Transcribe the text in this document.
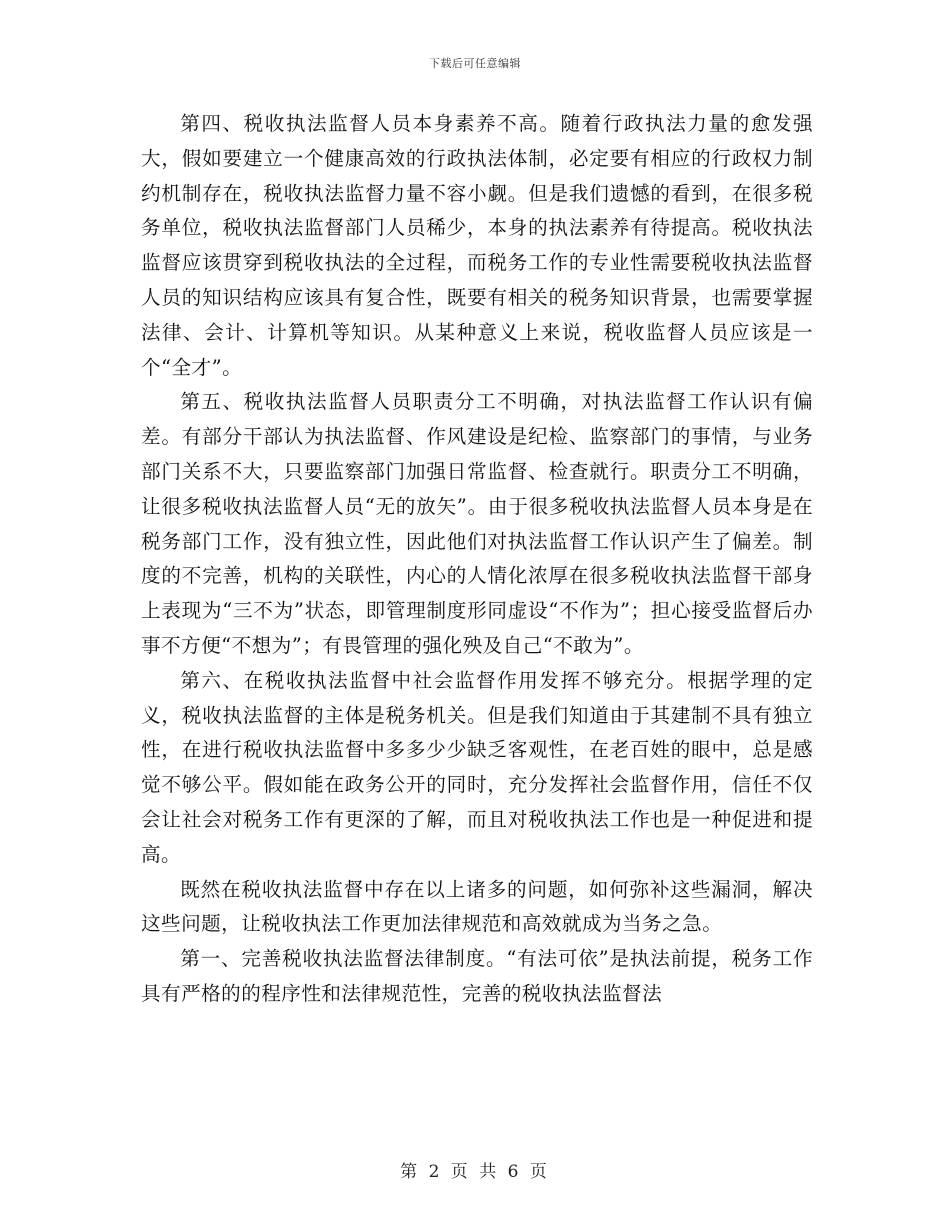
下载后可任意编辑

第四、税收执法监督人员本身素养不高。随着行政执法力量的愈发强大，假如要建立一个健康高效的行政执法体制，必定要有相应的行政权力制约机制存在，税收执法监督力量不容小觑。但是我们遗憾的看到，在很多税务单位，税收执法监督部门人员稀少，本身的执法素养有待提高。税收执法监督应该贯穿到税收执法的全过程，而税务工作的专业性需要税收执法监督人员的知识结构应该具有复合性，既要有相关的税务知识背景，也需要掌握法律、会计、计算机等知识。从某种意义上来说，税收监督人员应该是一个“全才”。

第五、税收执法监督人员职责分工不明确，对执法监督工作认识有偏差。有部分干部认为执法监督、作风建设是纪检、监察部门的事情，与业务部门关系不大，只要监察部门加强日常监督、检查就行。职责分工不明确，让很多税收执法监督人员“无的放矢”。由于很多税收执法监督人员本身是在税务部门工作，没有独立性，因此他们对执法监督工作认识产生了偏差。制度的不完善，机构的关联性，内心的人情化浓厚在很多税收执法监督干部身上表现为“三不为”状态，即管理制度形同虚设“不作为”；担心接受监督后办事不方便“不想为”；有畏管理的强化殃及自己“不敢为”。

第六、在税收执法监督中社会监督作用发挥不够充分。根据学理的定义，税收执法监督的主体是税务机关。但是我们知道由于其建制不具有独立性，在进行税收执法监督中多多少少缺乏客观性，在老百姓的眼中，总是感觉不够公平。假如能在政务公开的同时，充分发挥社会监督作用，信任不仅会让社会对税务工作有更深的了解，而且对税收执法工作也是一种促进和提高。

既然在税收执法监督中存在以上诸多的问题，如何弥补这些漏洞，解决这些问题，让税收执法工作更加法律规范和高效就成为当务之急。

第一、完善税收执法监督法律制度。“有法可依”是执法前提，税务工作具有严格的的程序性和法律规范性，完善的税收执法监督法

第 2 页 共 6 页
